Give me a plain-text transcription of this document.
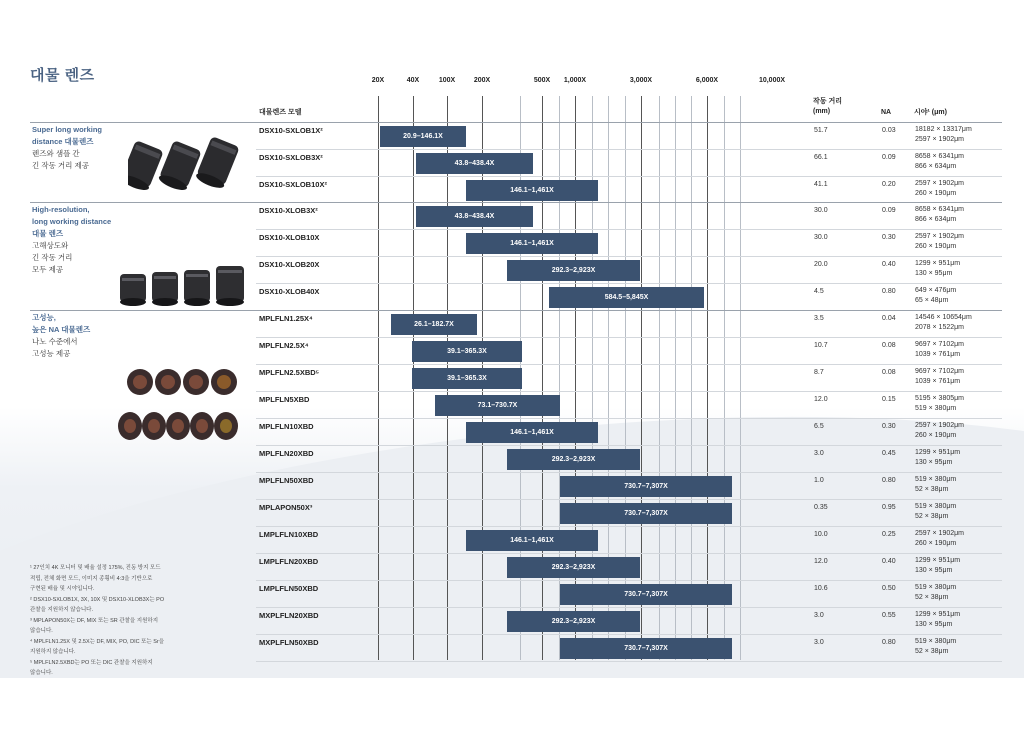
대물 렌즈	20X	40X	100X	200X	500X 1,000X	3,000X	6,000X	10,000X
대물렌즈 모델
작동 거리
(mm)	NA	시야¹ (μm)
Super long working
distance 대물렌즈
렌즈와 샘플 간
긴 작동 거리 제공
High-resolution,
long working distance
대물 렌즈
고해상도와
긴 작동 거리
모두 제공
고성능,
높은 NA 대물렌즈
나노 수준에서
고성능 제공
DSX10-SXLOB1X²
20.9–146.1X
51.7	0.03	18182 × 13317μm
2597 × 1902μm
DSX10-SXLOB3X²
43.8–438.4X
66.1	0.09	8658 × 6341μm
866 × 634μm
DSX10-SXLOB10X²
146.1–1,461X
41.1	0.20	2597 × 1902μm
260 × 190μm
DSX10-XLOB3X²
43.8–438.4X
30.0	0.09	8658 × 6341μm
866 × 634μm
DSX10-XLOB10X
146.1–1,461X
30.0	0.30	2597 × 1902μm
260 × 190μm
DSX10-XLOB20X
292.3–2,923X
20.0	0.40	1299 × 951μm
130 × 95μm
DSX10-XLOB40X
584.5–5,845X
4.5	0.80	649 × 476μm
65 × 48μm
MPLFLN1.25X⁴
26.1–182.7X
3.5	0.04	14546 × 10654μm
2078 × 1522μm
MPLFLN2.5X⁴
39.1–365.3X
10.7	0.08	9697 × 7102μm
1039 × 761μm
MPLFLN2.5XBD⁵
39.1–365.3X
8.7	0.08	9697 × 7102μm
1039 × 761μm
MPLFLN5XBD
73.1–730.7X
12.0	0.15	5195 × 3805μm
519 × 380μm
MPLFLN10XBD
146.1–1,461X
6.5	0.30	2597 × 1902μm
260 × 190μm
MPLFLN20XBD
292.3–2,923X
3.0	0.45	1299 × 951μm
130 × 95μm
MPLFLN50XBD
730.7–7,307X
1.0	0.80	519 × 380μm
52 × 38μm
MPLAPON50X³
730.7–7,307X
0.35	0.95	519 × 380μm
52 × 38μm
LMPLFLN10XBD
146.1–1,461X
10.0	0.25	2597 × 1902μm
260 × 190μm
LMPLFLN20XBD
292.3–2,923X
12.0	0.40	1299 × 951μm
130 × 95μm
LMPLFLN50XBD
730.7–7,307X
10.6	0.50	519 × 380μm
52 × 38μm
MXPLFLN20XBD
292.3–2,923X
3.0	0.55	1299 × 951μm
130 × 95μm
MXPLFLN50XBD
730.7–7,307X
3.0	0.80	519 × 380μm
52 × 38μm
¹ 27인치 4K 모니터 및 배율 설정 175%, 진동 방지 모드
적립, 전체 화면 모드, 이미지 종횡비 4:3을 기반으로
구현된 배율 및 시야입니다.
² DSX10-SXLOB1X, 3X, 10X 및 DSX10-XLOB3X는 PO
관찰을 지원하지 않습니다.
³ MPLAPON50X는 DF, MIX 또는 SR 관찰을 지원하지
않습니다.
⁴ MPLFLN1.25X 및 2.5X는 DF, MIX, PO, DIC 또는 Sr을
지원하지 않습니다.
⁵ MPLFLN2.5XBD는 PO 또는 DIC 관찰을 지원하지
않습니다.
